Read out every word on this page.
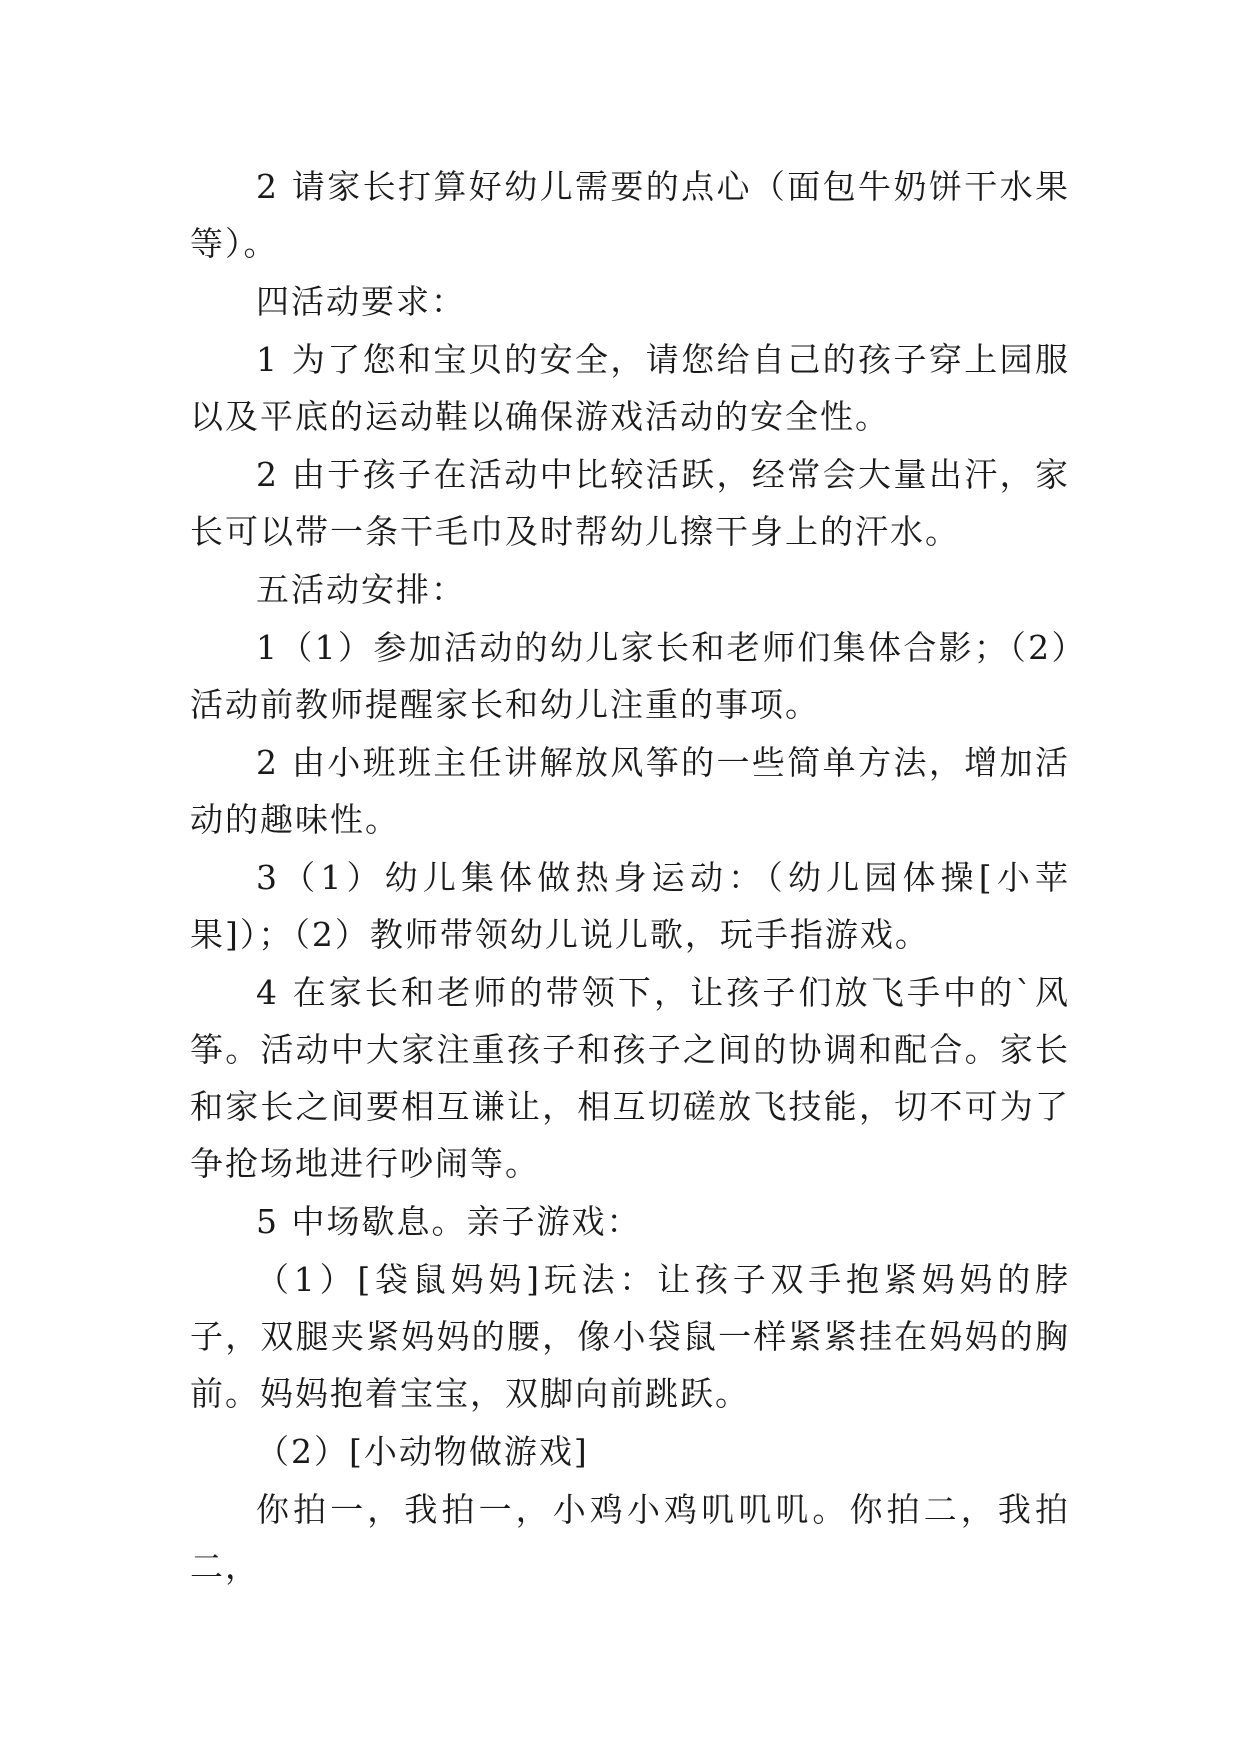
2 请家长打算好幼儿需要的点心（面包牛奶饼干水果等）。

四活动要求：

1 为了您和宝贝的安全，请您给自己的孩子穿上园服以及平底的运动鞋以确保游戏活动的安全性。

2 由于孩子在活动中比较活跃，经常会大量出汗，家长可以带一条干毛巾及时帮幼儿擦干身上的汗水。

五活动安排：

1（1）参加活动的幼儿家长和老师们集体合影；（2）活动前教师提醒家长和幼儿注重的事项。

2 由小班班主任讲解放风筝的一些简单方法，增加活动的趣味性。

3（1）幼儿集体做热身运动：（幼儿园体操[小苹果]）；（2）教师带领幼儿说儿歌，玩手指游戏。

4 在家长和老师的带领下，让孩子们放飞手中的`风筝。活动中大家注重孩子和孩子之间的协调和配合。家长和家长之间要相互谦让，相互切磋放飞技能，切不可为了争抢场地进行吵闹等。

5 中场歇息。亲子游戏：

（1）[袋鼠妈妈]玩法：让孩子双手抱紧妈妈的脖子，双腿夹紧妈妈的腰，像小袋鼠一样紧紧挂在妈妈的胸前。妈妈抱着宝宝，双脚向前跳跃。

（2）[小动物做游戏]

你拍一，我拍一，小鸡小鸡叽叽叽。你拍二，我拍二，
